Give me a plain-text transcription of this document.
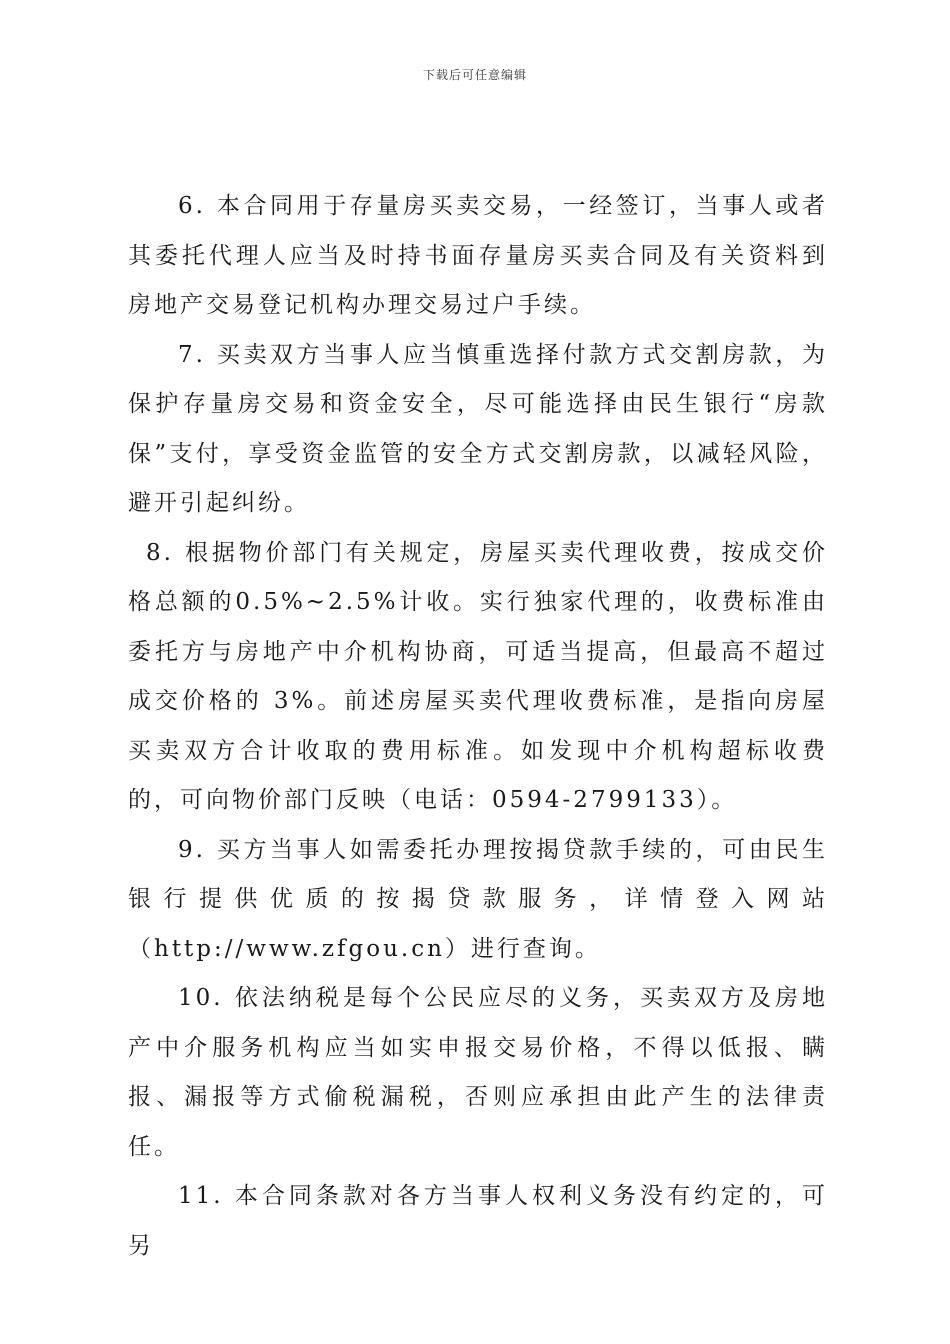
下载后可任意编辑

6. 本合同用于存量房买卖交易，一经签订，当事人或者其委托代理人应当及时持书面存量房买卖合同及有关资料到房地产交易登记机构办理交易过户手续。

7. 买卖双方当事人应当慎重选择付款方式交割房款，为保护存量房交易和资金安全，尽可能选择由民生银行“房款保”支付，享受资金监管的安全方式交割房款，以减轻风险，避开引起纠纷。

8. 根据物价部门有关规定，房屋买卖代理收费，按成交价格总额的0.5%~2.5%计收。实行独家代理的，收费标准由委托方与房地产中介机构协商，可适当提高，但最高不超过成交价格的 3%。前述房屋买卖代理收费标准，是指向房屋买卖双方合计收取的费用标准。如发现中介机构超标收费的，可向物价部门反映（电话：0594-2799133）。

9. 买方当事人如需委托办理按揭贷款手续的，可由民生银行提供优质的按揭贷款服务，详情登入网站（http://www.zfgou.cn）进行查询。

10. 依法纳税是每个公民应尽的义务，买卖双方及房地产中介服务机构应当如实申报交易价格，不得以低报、瞒报、漏报等方式偷税漏税，否则应承担由此产生的法律责任。

11. 本合同条款对各方当事人权利义务没有约定的，可另
